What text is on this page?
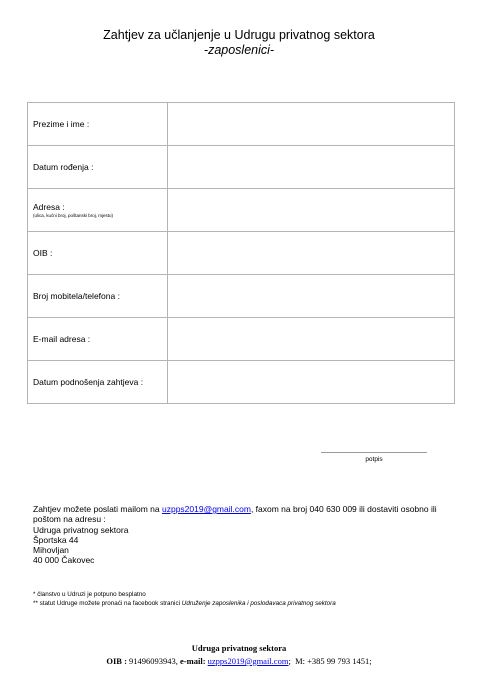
Zahtjev za učlanjenje u Udrugu privatnog sektora
-zaposlenici-
Prezime i ime :	
Datum rođenja :	
Adresa :
(ulica, kućni broj, poštanski broj, mjesto)	

OIB :	
Broj mobitela/telefona :	
E-mail adresa :	
Datum podnošenja zahtjeva :	
potpis
Zahtjev možete poslati mailom na uzpps2019@gmail.com, faxom na broj 040 630 009 ili dostaviti osobno ili poštom na adresu :
Udruga privatnog sektora
Športska 44
Mihovljan
40 000 Čakovec
* članstvo u Udruzi je potpuno besplatno
** statut Udruge možete pronaći na facebook stranici Udruženje zaposlenika i poslodavaca privatnog sektora
Udruga privatnog sektora
OIB : 91496093943, e-mail: uzpps2019@gmail.com; M: +385 99 793 1451;
